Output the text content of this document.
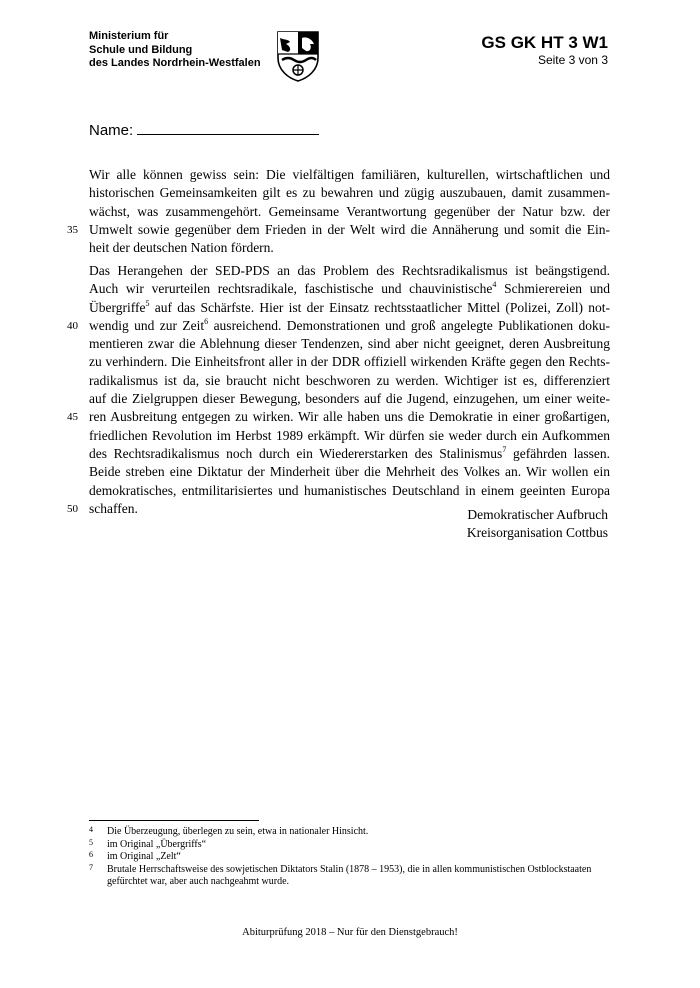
Ministerium für
Schule und Bildung
des Landes Nordrhein-Westfalen
GS GK HT 3 W1
Seite 3 von 3
Name:
Wir alle können gewiss sein: Die vielfältigen familiären, kulturellen, wirtschaftlichen und
historischen Gemeinsamkeiten gilt es zu bewahren und zügig auszubauen, damit zusammen-
wächst, was zusammengehört. Gemeinsame Verantwortung gegenüber der Natur bzw. der
35 Umwelt sowie gegenüber dem Frieden in der Welt wird die Annäherung und somit die Ein-
heit der deutschen Nation fördern.
Das Herangehen der SED-PDS an das Problem des Rechtsradikalismus ist beängstigend.
Auch wir verurteilen rechtsradikale, faschistische und chauvinistische$^4$ Schmierereien und
Übergriffe$^5$ auf das Schärfste. Hier ist der Einsatz rechtsstaatlicher Mittel (Polizei, Zoll) not-
40 wendig und zur Zeit$^6$ ausreichend. Demonstrationen und groß angelegte Publikationen doku-
mentieren zwar die Ablehnung dieser Tendenzen, sind aber nicht geeignet, deren Ausbreitung
zu verhindern. Die Einheitsfront aller in der DDR offiziell wirkenden Kräfte gegen den Rechts-
radikalismus ist da, sie braucht nicht beschworen zu werden. Wichtiger ist es, differenziert
auf die Zielgruppen dieser Bewegung, besonders auf die Jugend, einzugehen, um einer weite-
45 ren Ausbreitung entgegen zu wirken. Wir alle haben uns die Demokratie in einer großartigen,
friedlichen Revolution im Herbst 1989 erkämpft. Wir dürfen sie weder durch ein Aufkommen
des Rechtsradikalismus noch durch ein Wiedererstarken des Stalinismus$^7$ gefährden lassen.
Beide streben eine Diktatur der Minderheit über die Mehrheit des Volkes an. Wir wollen ein
demokratisches, entmilitarisiertes und humanistisches Deutschland in einem geeinten Europa
50 schaffen.	Demokratischer Aufbruch
Kreisorganisation Cottbus
4 Die Überzeugung, überlegen zu sein, etwa in nationaler Hinsicht.
5 im Original „Übergriffs“
6 im Original „Zelt“
7 Brutale Herrschaftsweise des sowjetischen Diktators Stalin (1878 – 1953), die in allen kommunistischen Ostblockstaaten gefürchtet war, aber auch nachgeahmt wurde.
Abiturprüfung 2018 – Nur für den Dienstgebrauch!
